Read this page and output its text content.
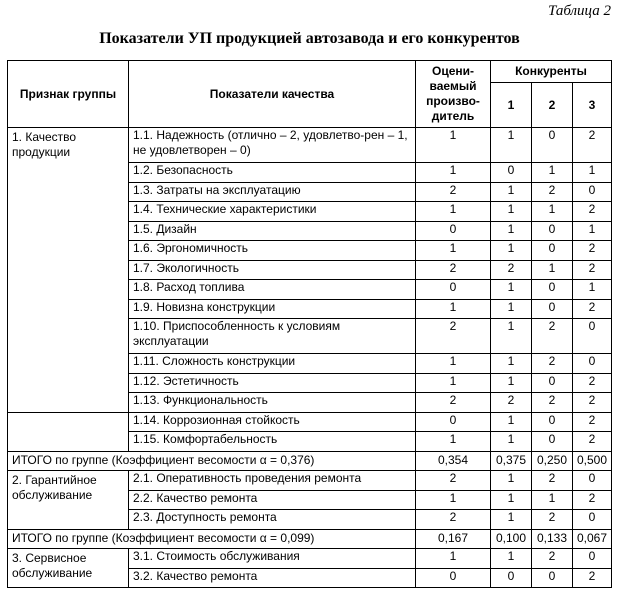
Таблица 2
Показатели УП продукцией автозавода и его конкурентов
Признак группы	Показатели качества	Оцени-ваемый произво-дитель	Конкуренты		
			1	2	3
1. Качество продукции	1.1. Надежность (отлично – 2, удовлетво-рен – 1, не удовлетворен – 0)	1	1	0	2
	1.2. Безопасность	1	0	1	1
	1.3. Затраты на эксплуатацию	2	1	2	0
	1.4. Технические характеристики	1	1	1	2
	1.5. Дизайн	0	1	0	1
	1.6. Эргономичность	1	1	0	2
	1.7. Экологичность	2	2	1	2
	1.8. Расход топлива	0	1	0	1
	1.9. Новизна конструкции	1	1	0	2
	1.10. Приспособленность к условиям эксплуатации	2	1	2	0
	1.11. Сложность конструкции	1	1	2	0
	1.12. Эстетичность	1	1	0	2
	1.13. Функциональность	2	2	2	2
	1.14. Коррозионная стойкость	0	1	0	2
	1.15. Комфортабельность	1	1	0	2
ИТОГО по группе (Коэффициент весомости α = 0,376)		0,354	0,375	0,250	0,500
2. Гарантийное обслуживание	2.1. Оперативность проведения ремонта	2	1	2	0
	2.2. Качество ремонта	1	1	1	2
	2.3. Доступность ремонта	2	1	2	0
ИТОГО по группе (Коэффициент весомости α = 0,099)		0,167	0,100	0,133	0,067
3. Сервисное обслуживание	3.1. Стоимость обслуживания	1	1	2	0
	3.2. Качество ремонта	0	0	0	2
